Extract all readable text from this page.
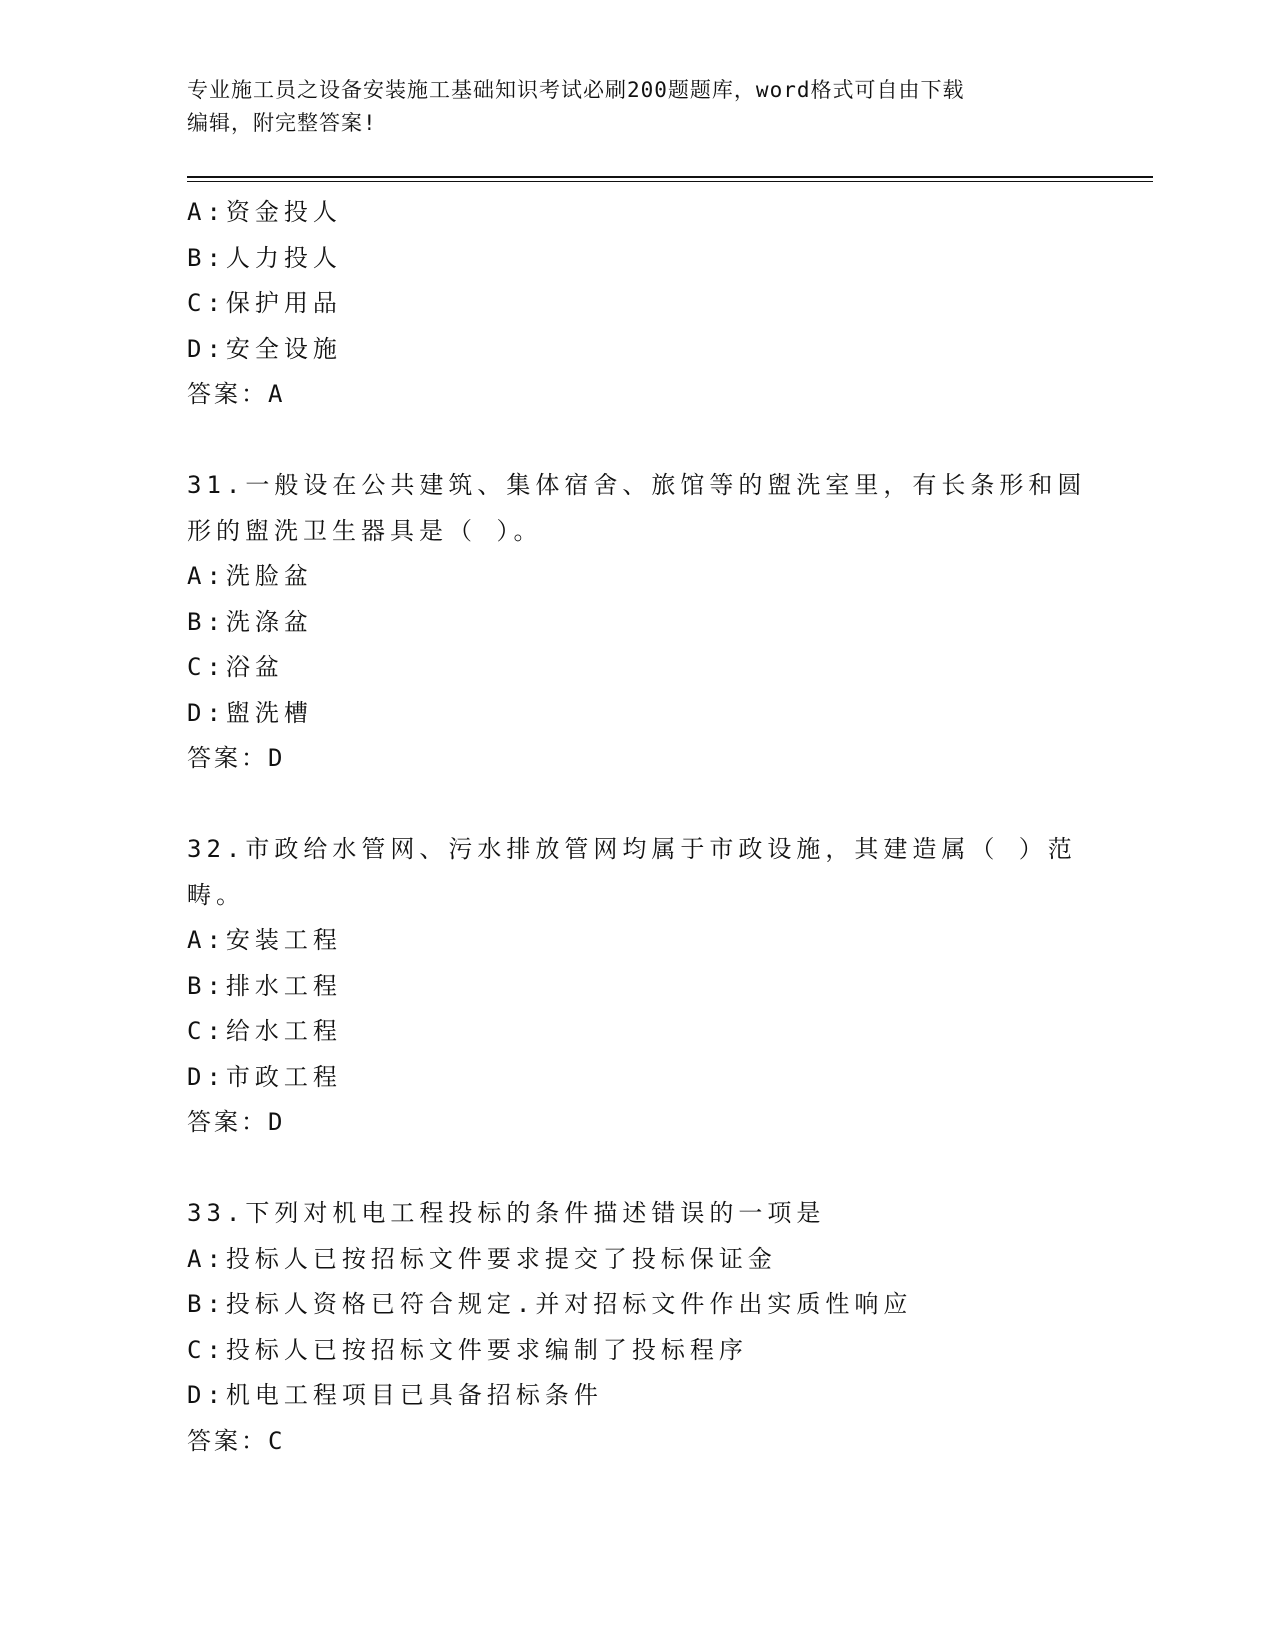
专业施工员之设备安装施工基础知识考试必刷200题题库，word格式可自由下载
编辑，附完整答案!
A:资金投人
B:人力投人
C:保护用品
D:安全设施
答案：A
31.一般设在公共建筑、集体宿舍、旅馆等的盥洗室里，有长条形和圆
形的盥洗卫生器具是（ ）。
A:洗脸盆
B:洗涤盆
C:浴盆
D:盥洗槽
答案：D
32.市政给水管网、污水排放管网均属于市政设施，其建造属（ ）范
畴。
A:安装工程
B:排水工程
C:给水工程
D:市政工程
答案：D
33.下列对机电工程投标的条件描述错误的一项是
A:投标人已按招标文件要求提交了投标保证金
B:投标人资格已符合规定.并对招标文件作出实质性响应
C:投标人已按招标文件要求编制了投标程序
D:机电工程项目已具备招标条件
答案：C
